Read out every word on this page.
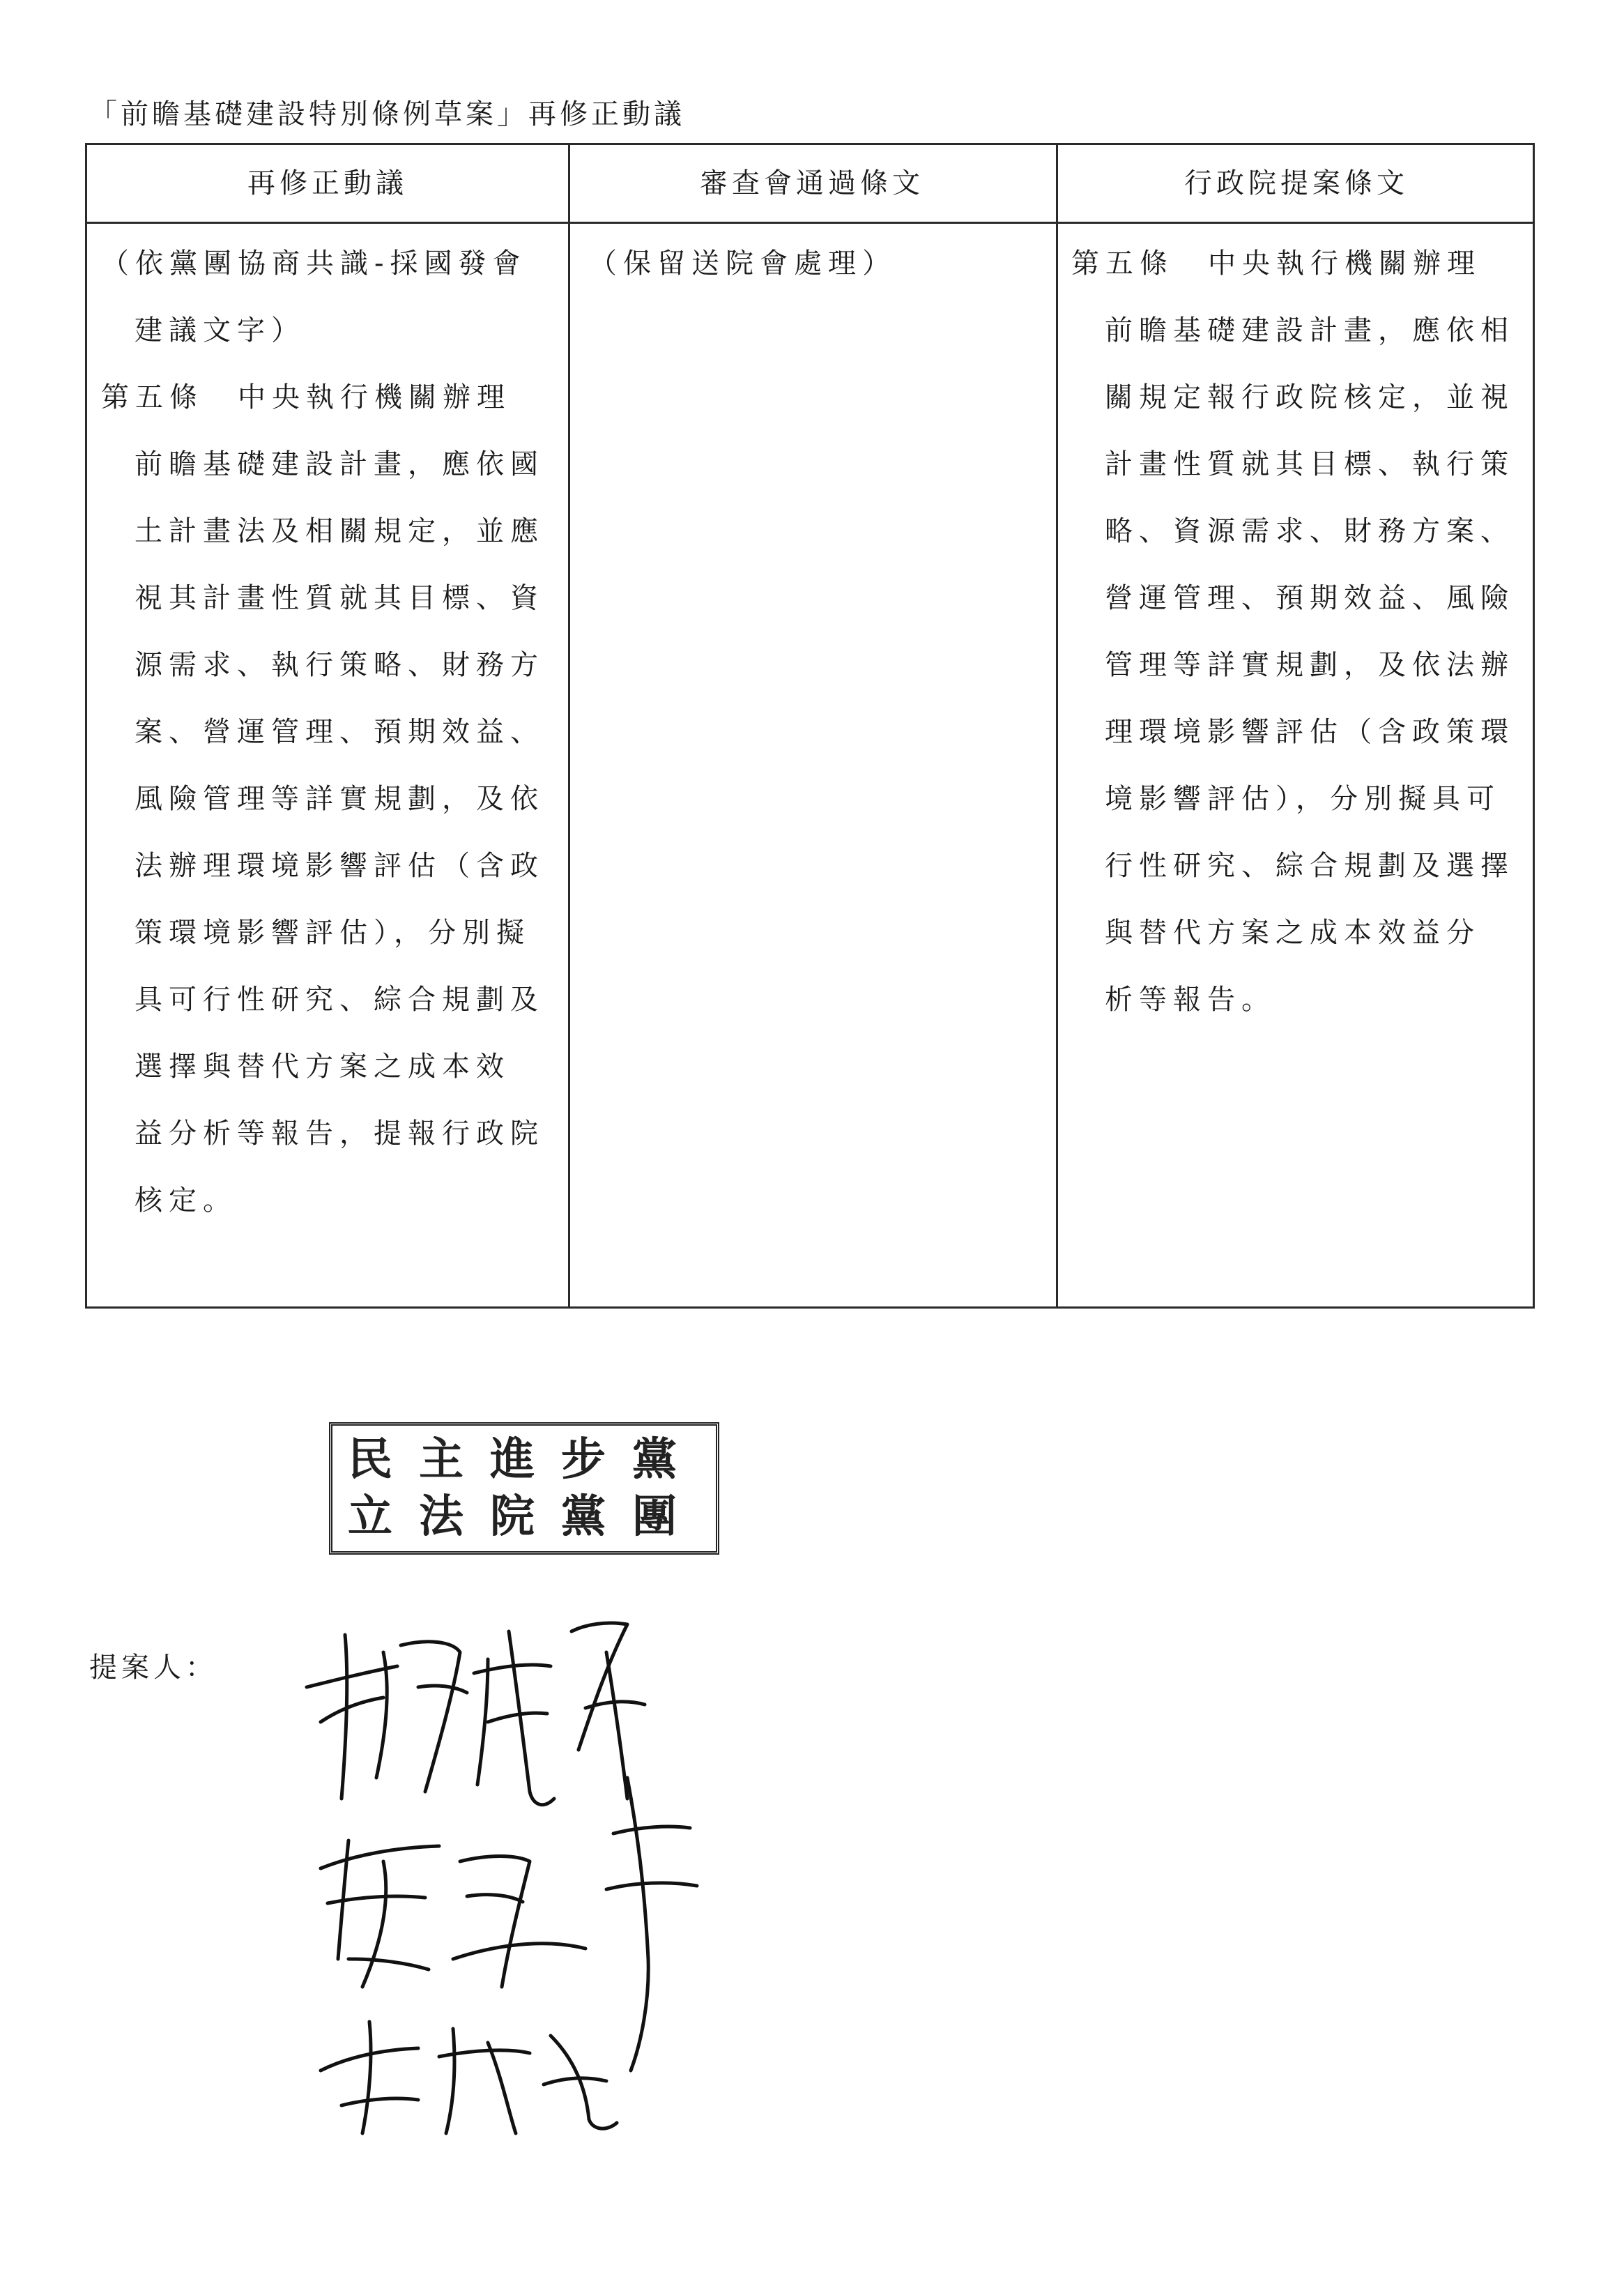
「前瞻基礎建設特別條例草案」再修正動議
再修正動議	審查會通過條文	行政院提案條文
（依黨團協商共識-採國發會
建議文字）
第五條　中央執行機關辦理
前瞻基礎建設計畫，應依國
土計畫法及相關規定，並應
視其計畫性質就其目標、資
源需求、執行策略、財務方
案、營運管理、預期效益、
風險管理等詳實規劃，及依
法辦理環境影響評估（含政
策環境影響評估），分別擬
具可行性研究、綜合規劃及
選擇與替代方案之成本效
益分析等報告，提報行政院
核定。
（保留送院會處理）	第五條　中央執行機關辦理
前瞻基礎建設計畫，應依相
關規定報行政院核定，並視
計畫性質就其目標、執行策
略、資源需求、財務方案、
營運管理、預期效益、風險
管理等詳實規劃，及依法辦
理環境影響評估（含政策環
境影響評估），分別擬具可
行性研究、綜合規劃及選擇
與替代方案之成本效益分
析等報告。
民主進步黨
立法院黨團
提案人：
